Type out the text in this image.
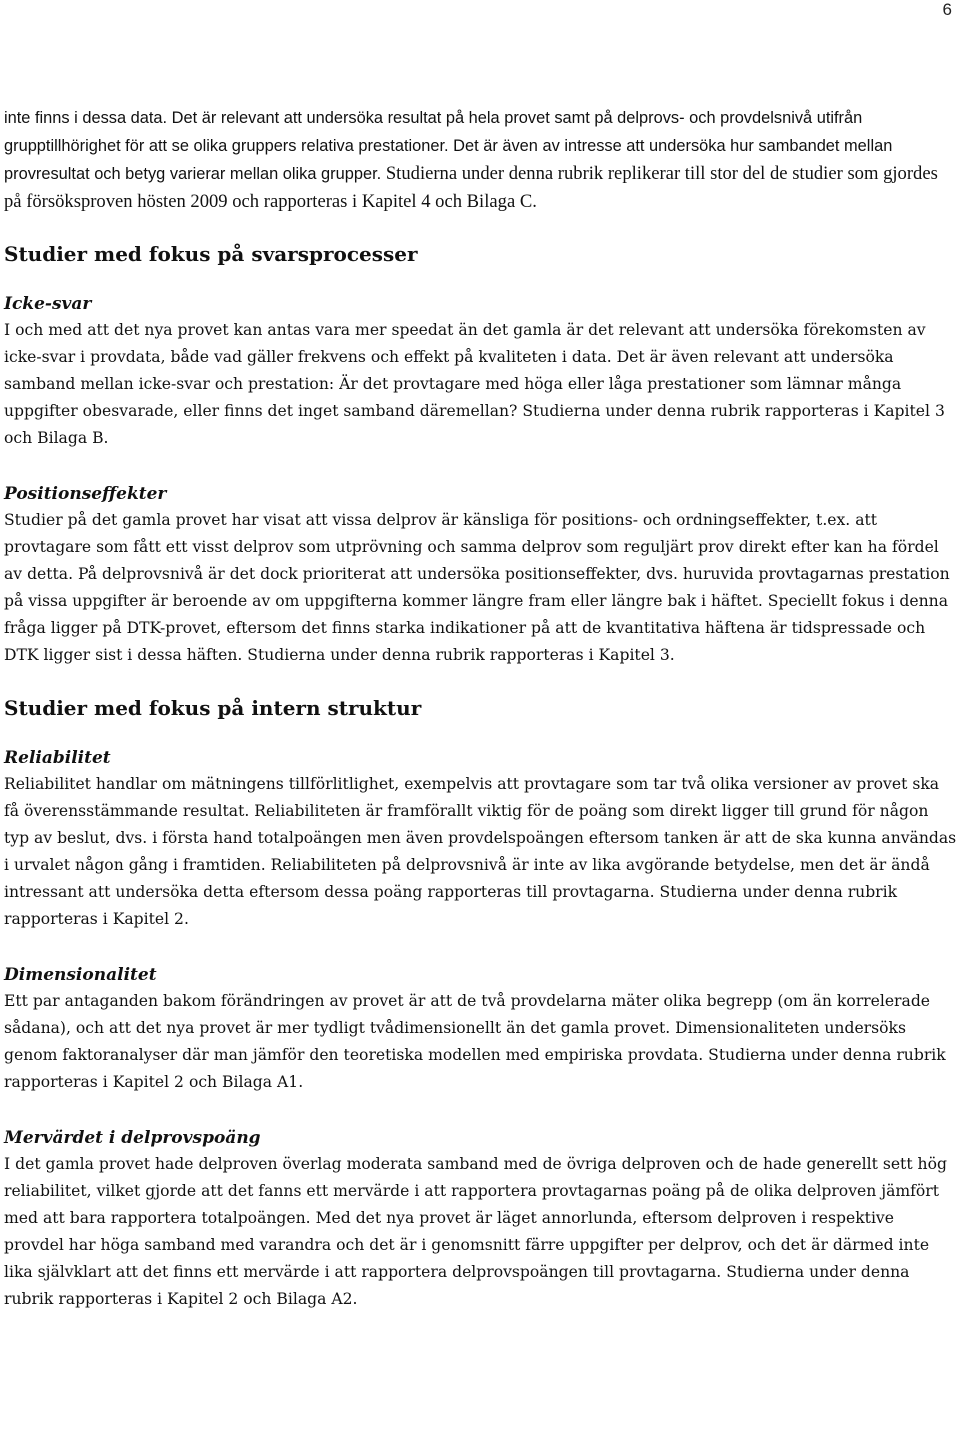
6

inte finns i dessa data. Det är relevant att undersöka resultat på hela provet samt på delprovs- och provdelsnivå utifrån grupptillhörighet för att se olika gruppers relativa prestationer. Det är även av intresse att undersöka hur sambandet mellan provresultat och betyg varierar mellan olika grupper. Studierna under denna rubrik replikerar till stor del de studier som gjordes på försöksproven hösten 2009 och rapporteras i Kapitel 4 och Bilaga C.

Studier med fokus på svarsprocesser
Icke-svar

I och med att det nya provet kan antas vara mer speedat än det gamla är det relevant att undersöka förekomsten av icke-svar i provdata, både vad gäller frekvens och effekt på kvaliteten i data. Det är även relevant att undersöka samband mellan icke-svar och prestation: Är det provtagare med höga eller låga prestationer som lämnar många uppgifter obesvarade, eller finns det inget samband däremellan? Studierna under denna rubrik rapporteras i Kapitel 3 och Bilaga B.

Positionseffekter

Studier på det gamla provet har visat att vissa delprov är känsliga för positions- och ordningseffekter, t.ex. att provtagare som fått ett visst delprov som utprövning och samma delprov som reguljärt prov direkt efter kan ha fördel av detta. På delprovsnivå är det dock prioriterat att undersöka positionseffekter, dvs. huruvida provtagarnas prestation på vissa uppgifter är beroende av om uppgifterna kommer längre fram eller längre bak i häftet. Speciellt fokus i denna fråga ligger på DTK-provet, eftersom det finns starka indikationer på att de kvantitativa häftena är tidspressade och DTK ligger sist i dessa häften. Studierna under denna rubrik rapporteras i Kapitel 3.

Studier med fokus på intern struktur
Reliabilitet

Reliabilitet handlar om mätningens tillförlitlighet, exempelvis att provtagare som tar två olika versioner av provet ska få överensstämmande resultat. Reliabiliteten är framförallt viktig för de poäng som direkt ligger till grund för någon typ av beslut, dvs. i första hand totalpoängen men även provdelspoängen eftersom tanken är att de ska kunna användas i urvalet någon gång i framtiden. Reliabiliteten på delprovsnivå är inte av lika avgörande betydelse, men det är ändå intressant att undersöka detta eftersom dessa poäng rapporteras till provtagarna. Studierna under denna rubrik rapporteras i Kapitel 2.

Dimensionalitet

Ett par antaganden bakom förändringen av provet är att de två provdelarna mäter olika begrepp (om än korrelerade sådana), och att det nya provet är mer tydligt tvådimensionellt än det gamla provet. Dimensionaliteten undersöks genom faktoranalyser där man jämför den teoretiska modellen med empiriska provdata. Studierna under denna rubrik rapporteras i Kapitel 2 och Bilaga A1.

Mervärdet i delprovspoäng

I det gamla provet hade delproven överlag moderata samband med de övriga delproven och de hade generellt sett hög reliabilitet, vilket gjorde att det fanns ett mervärde i att rapportera provtagarnas poäng på de olika delproven jämfört med att bara rapportera totalpoängen. Med det nya provet är läget annorlunda, eftersom delproven i respektive provdel har höga samband med varandra och det är i genomsnitt färre uppgifter per delprov, och det är därmed inte lika självklart att det finns ett mervärde i att rapportera delprovspoängen till provtagarna. Studierna under denna rubrik rapporteras i Kapitel 2 och Bilaga A2.
